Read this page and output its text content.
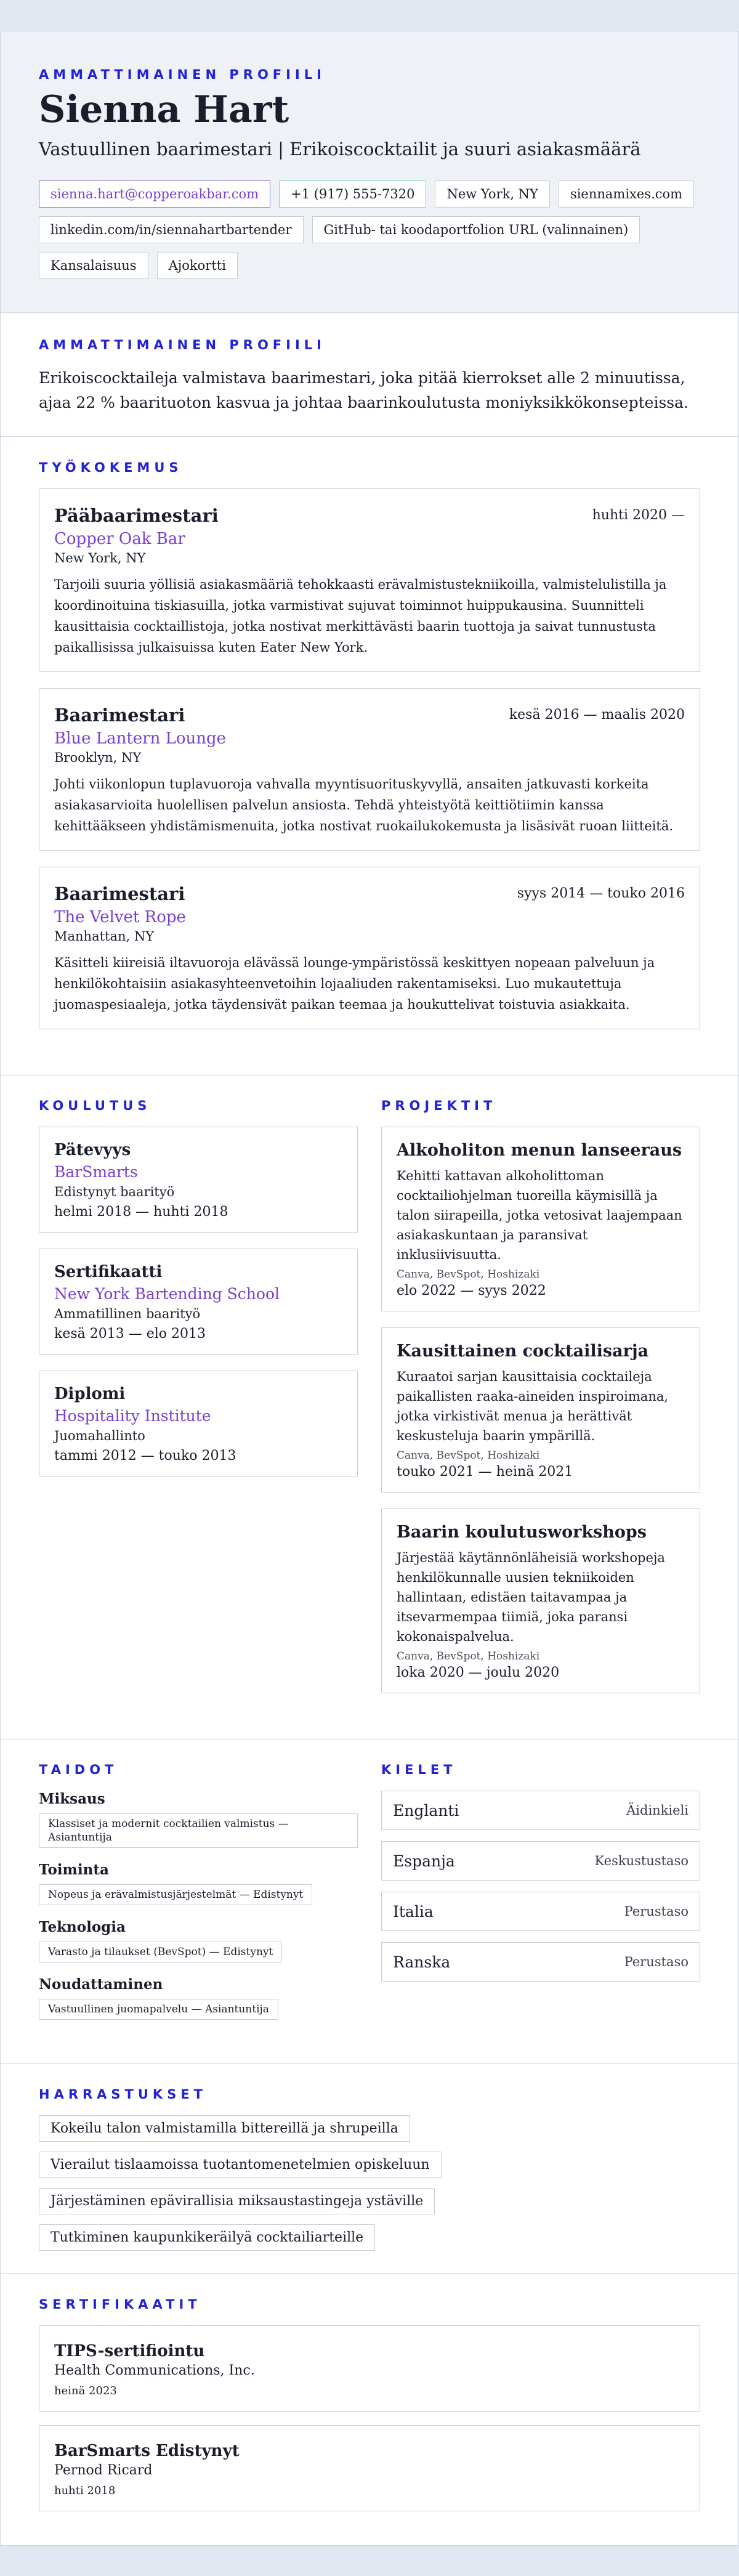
AMMATTIMAINEN PROFIILI
Sienna Hart
Vastuullinen baarimestari | Erikoiscocktailit ja suuri asiakasmäärä
sienna.hart@copperoakbar.com	+1 (917) 555-7320	New York, NY	siennamixes.com
linkedin.com/in/siennahartbartender	GitHub- tai koodaportfolion URL (valinnainen)
Kansalaisuus	Ajokortti
AMMATTIMAINEN PROFIILI

Erikoiscocktaileja valmistava baarimestari, joka pitää kierrokset alle 2 minuutissa, ajaa 22 % baarituoton kasvua ja johtaa baarinkoulutusta moniyksikkökonsepteissa.

TYÖKOKEMUS
Pääbaarimestari	huhti 2020 —
Copper Oak Bar
New York, NY

Tarjoili suuria yöllisiä asiakasmääriä tehokkaasti erävalmistustekniikoilla, valmistelulistilla ja koordinoituina tiskiasuilla, jotka varmistivat sujuvat toiminnot huippukausina. Suunnitteli kausittaisia cocktaillistoja, jotka nostivat merkittävästi baarin tuottoja ja saivat tunnustusta paikallisissa julkaisuissa kuten Eater New York.

Baarimestari	kesä 2016 — maalis 2020
Blue Lantern Lounge
Brooklyn, NY

Johti viikonlopun tuplavuoroja vahvalla myyntisuorituskyvyllä, ansaiten jatkuvasti korkeita asiakasarvioita huolellisen palvelun ansiosta. Tehdä yhteistyötä keittiötiimin kanssa kehittääkseen yhdistämismenuita, jotka nostivat ruokailukokemusta ja lisäsivät ruoan liitteitä.

Baarimestari	syys 2014 — touko 2016
The Velvet Rope
Manhattan, NY

Käsitteli kiireisiä iltavuoroja elävässä lounge-ympäristössä keskittyen nopeaan palveluun ja henkilökohtaisiin asiakasyhteenvetoihin lojaaliuden rakentamiseksi. Luo mukautettuja juomaspesiaaleja, jotka täydensivät paikan teemaa ja houkuttelivat toistuvia asiakkaita.

KOULUTUS
Pätevyys
BarSmarts
Edistynyt baarityö
helmi 2018 — huhti 2018
Sertifikaatti
New York Bartending School
Ammatillinen baarityö
kesä 2013 — elo 2013
Diplomi
Hospitality Institute
Juomahallinto
tammi 2012 — touko 2013
PROJEKTIT
Alkoholiton menun lanseeraus

Kehitti kattavan alkoholittoman cocktailiohjelman tuoreilla käymisillä ja talon siirapeilla, jotka vetosivat laajempaan asiakaskuntaan ja paransivat inklusiivisuutta.

Canva, BevSpot, Hoshizaki
elo 2022 — syys 2022
Kausittainen cocktailisarja

Kuraatoi sarjan kausittaisia cocktaileja paikallisten raaka-aineiden inspiroimana, jotka virkistivät menua ja herättivät keskusteluja baarin ympärillä.

Canva, BevSpot, Hoshizaki
touko 2021 — heinä 2021
Baarin koulutusworkshops

Järjestää käytännönläheisiä workshopeja henkilökunnalle uusien tekniikoiden hallintaan, edistäen taitavampaa ja itsevarmempaa tiimiä, joka paransi kokonaispalvelua.

Canva, BevSpot, Hoshizaki
loka 2020 — joulu 2020
TAIDOT
Miksaus
Klassiset ja modernit cocktailien valmistus — Asiantuntija
Toiminta
Nopeus ja erävalmistusjärjestelmät — Edistynyt
Teknologia
Varasto ja tilaukset (BevSpot) — Edistynyt
Noudattaminen
Vastuullinen juomapalvelu — Asiantuntija
KIELET
Englanti	Äidinkieli
Espanja	Keskustustaso
Italia	Perustaso
Ranska	Perustaso
HARRASTUKSET
Kokeilu talon valmistamilla bittereillä ja shrupeilla
Vierailut tislaamoissa tuotantomenetelmien opiskeluun
Järjestäminen epävirallisia miksaustastingeja ystäville
Tutkiminen kaupunkikeräilyä cocktailiarteille
SERTIFIKAATIT
TIPS-sertifiointu
Health Communications, Inc.
heinä 2023
BarSmarts Edistynyt
Pernod Ricard
huhti 2018
